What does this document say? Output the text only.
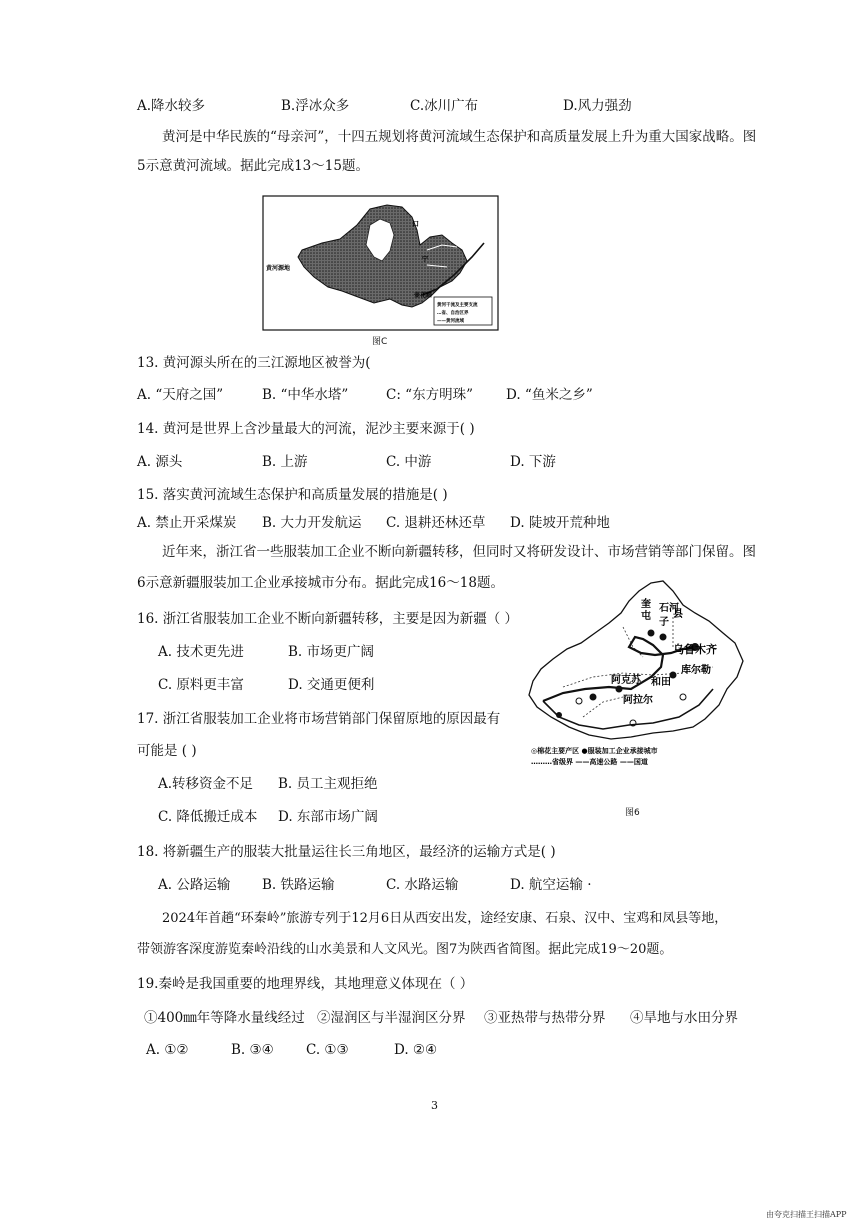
A.降水较多	B.浮冰众多	C.冰川广布	D.风力强劲
黄河是中华民族的“母亲河”，十四五规划将黄河流域生态保护和高质量发展上升为重大国家战略。图
5示意黄河流域。据此完成13～15题。
口
黄河源地
壶花踏
宁
黄河干流及主要支流
…省、自治区界
——黄河流域
图C
13. 黄河源头所在的三江源地区被誉为(
A. “天府之国”	B. “中华水塔”	C: “东方明珠” D. “鱼米之乡”
14. 黄河是世界上含沙量最大的河流，泥沙主要来源于( )
A. 源头	B. 上游	C. 中游	D. 下游
15. 落实黄河流域生态保护和高质量发展的措施是( )
A. 禁止开采煤炭 B. 大力开发航运 C. 退耕还林还草 D. 陡坡开荒种地
近年来，浙江省一些服装加工企业不断向新疆转移，但同时又将研发设计、市场营销等部门保留。图
6示意新疆服装加工企业承接城市分布。据此完成16～18题。
16. 浙江省服装加工企业不断向新疆转移，主要是因为新疆（ ）
A. 技术更先进	B. 市场更广阔
C. 原料更丰富	D. 交通更便利
17. 浙江省服装加工企业将市场营销部门保留原地的原因最有
可能是 ( )
A.转移资金不足 B. 员工主观拒绝
C. 降低搬迁成本 D. 东部市场广阔
奎
屯
石河
子
县
乌鲁木齐
库尔勒
阿克苏
阿拉尔
和田
◎棉花主要产区 ●服装加工企业承接城市
………省级界 ——高速公路 ——国道
图6
18. 将新疆生产的服装大批量运往长三角地区，最经济的运输方式是( )
A. 公路运输 B. 铁路运输	C. 水路运输	D. 航空运输 ·
2024年首趟“环秦岭”旅游专列于12月6日从西安出发，途经安康、石泉、汉中、宝鸡和凤县等地，
带领游客深度游览秦岭沿线的山水美景和人文风光。图7为陕西省简图。据此完成19～20题。
19.秦岭是我国重要的地理界线，其地理意义体现在（ ）
①400㎜年等降水量线经过 ②湿润区与半湿润区分界 ③亚热带与热带分界 ④旱地与水田分界
A. ①②	B. ③④ C. ①③	D. ②④
3
由夸克扫描王扫描APP
